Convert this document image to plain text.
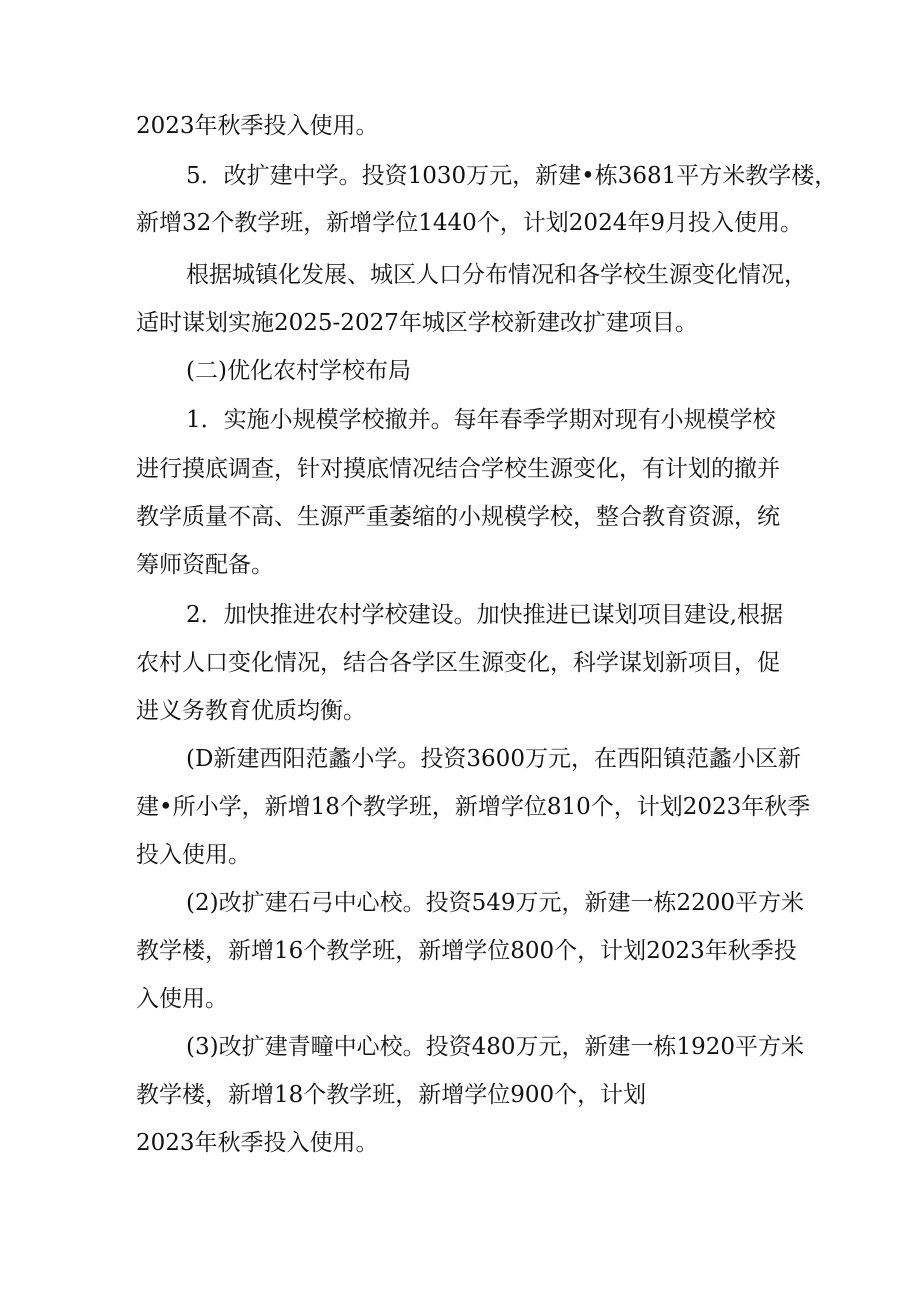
2023年秋季投入使用。

5．改扩建中学。投资1030万元，新建•栋3681平方米教学楼，

新增32个教学班，新增学位1440个，计划2024年9月投入使用。

根据城镇化发展、城区人口分布情况和各学校生源变化情况，

适时谋划实施2025-2027年城区学校新建改扩建项目。

(二)优化农村学校布局

1．实施小规模学校撤并。每年春季学期对现有小规模学校

进行摸底调查，针对摸底情况结合学校生源变化，有计划的撤并

教学质量不高、生源严重萎缩的小规模学校，整合教育资源，统

筹师资配备。

2．加快推进农村学校建设。加快推进已谋划项目建设,根据

农村人口变化情况，结合各学区生源变化，科学谋划新项目，促

进义务教育优质均衡。

(D新建西阳范蠡小学。投资3600万元，在西阳镇范蠡小区新

建•所小学，新增18个教学班，新增学位810个，计划2023年秋季

投入使用。

(2)改扩建石弓中心校。投资549万元，新建一栋2200平方米

教学楼，新增16个教学班，新增学位800个，计划2023年秋季投

入使用。

(3)改扩建青疃中心校。投资480万元，新建一栋1920平方米

教学楼，新增18个教学班，新增学位900个，计划

2023年秋季投入使用。
